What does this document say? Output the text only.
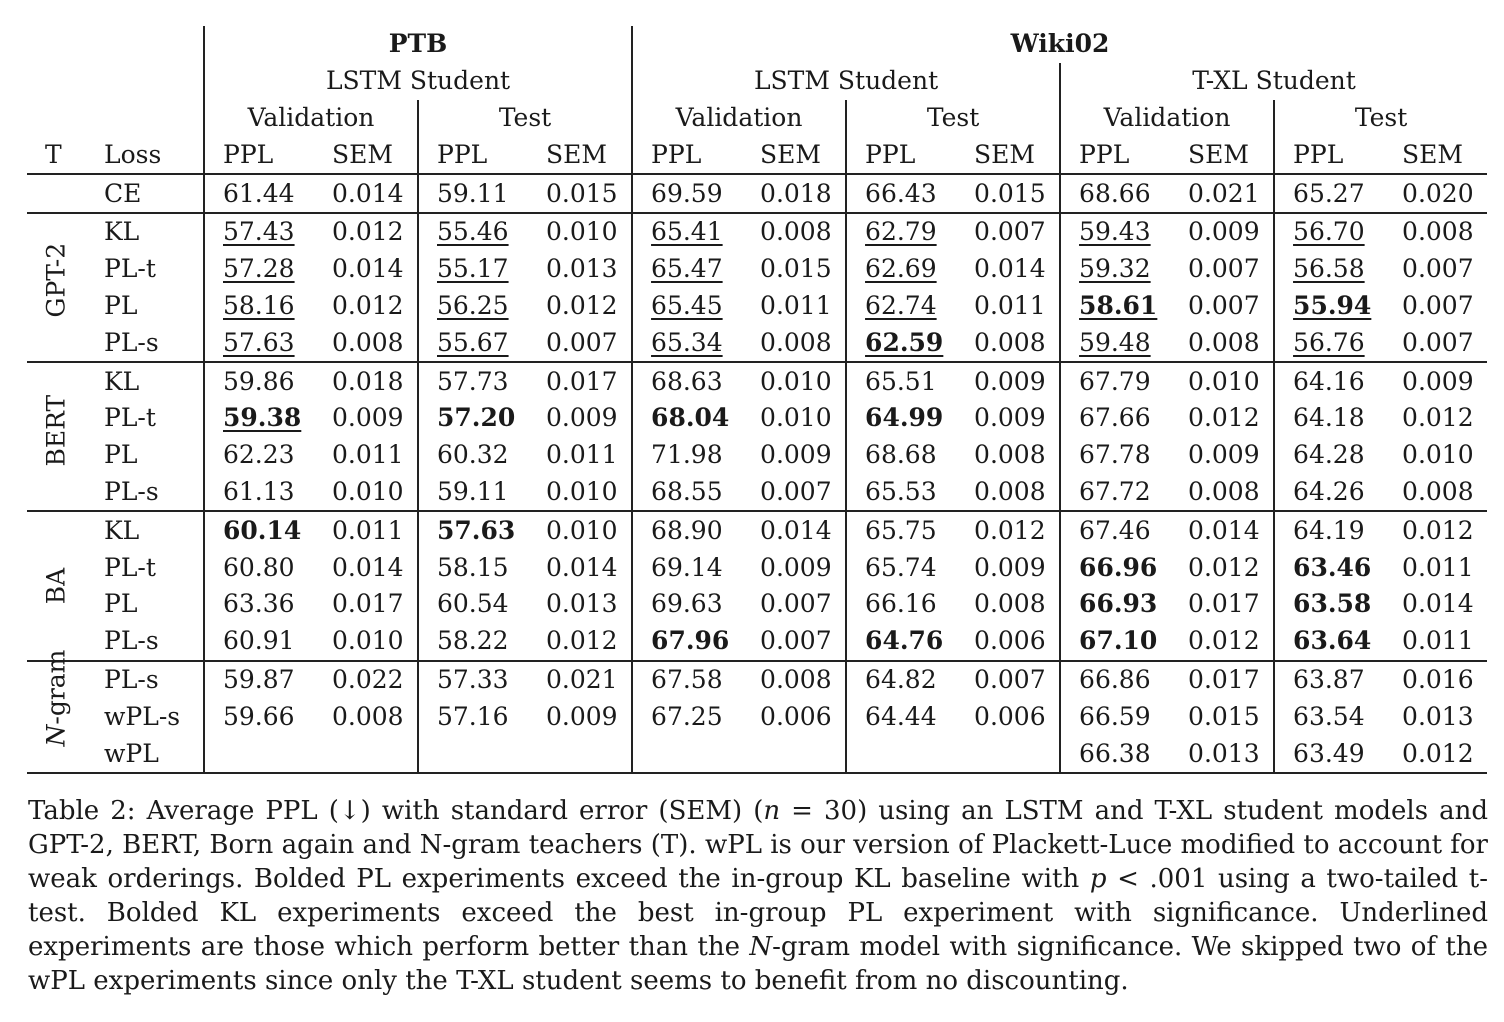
		PTB				Wiki02							
		LSTM Student				LSTM Student				T-XL Student			
		Validation		Test		Validation		Test		Validation		Test	
T	Loss	PPL	SEM	PPL	SEM	PPL	SEM	PPL	SEM	PPL	SEM	PPL	SEM
	CE	61.44	0.014	59.11	0.015	69.59	0.018	66.43	0.015	68.66	0.021	65.27	0.020

GPT-2	KL	57.43	0.012	55.46	0.010	65.41	0.008	62.79	0.007	59.43	0.009	56.70	0.008
	PL-t	57.28	0.014	55.17	0.013	65.47	0.015	62.69	0.014	59.32	0.007	56.58	0.007
	PL	58.16	0.012	56.25	0.012	65.45	0.011	62.74	0.011	58.61	0.007	55.94	0.007
	PL-s	57.63	0.008	55.67	0.007	65.34	0.008	62.59	0.008	59.48	0.008	56.76	0.007

BERT	KL	59.86	0.018	57.73	0.017	68.63	0.010	65.51	0.009	67.79	0.010	64.16	0.009
	PL-t	59.38	0.009	57.20	0.009	68.04	0.010	64.99	0.009	67.66	0.012	64.18	0.012
	PL	62.23	0.011	60.32	0.011	71.98	0.009	68.68	0.008	67.78	0.009	64.28	0.010
	PL-s	61.13	0.010	59.11	0.010	68.55	0.007	65.53	0.008	67.72	0.008	64.26	0.008

BA	KL	60.14	0.011	57.63	0.010	68.90	0.014	65.75	0.012	67.46	0.014	64.19	0.012
	PL-t	60.80	0.014	58.15	0.014	69.14	0.009	65.74	0.009	66.96	0.012	63.46	0.011
	PL	63.36	0.017	60.54	0.013	69.63	0.007	66.16	0.008	66.93	0.017	63.58	0.014
	PL-s	60.91	0.010	58.22	0.012	67.96	0.007	64.76	0.006	67.10	0.012	63.64	0.011

N-gram	PL-s	59.87	0.022	57.33	0.021	67.58	0.008	64.82	0.007	66.86	0.017	63.87	0.016
	wPL-s	59.66	0.008	57.16	0.009	67.25	0.006	64.44	0.006	66.59	0.015	63.54	0.013
	wPL									66.38	0.013	63.49	0.012

Table 2: Average PPL (↓) with standard error (SEM) (n = 30) using an LSTM and T-XL student models and GPT-2, BERT, Born again and N-gram teachers (T). wPL is our version of Plackett-Luce modified to account for weak orderings. Bolded PL experiments exceed the in-group KL baseline with p < .001 using a two-tailed t-test. Bolded KL experiments exceed the best in-group PL experiment with significance. Underlined experiments are those which perform better than the N-gram model with significance. We skipped two of the wPL experiments since only the T-XL student seems to benefit from no discounting.
